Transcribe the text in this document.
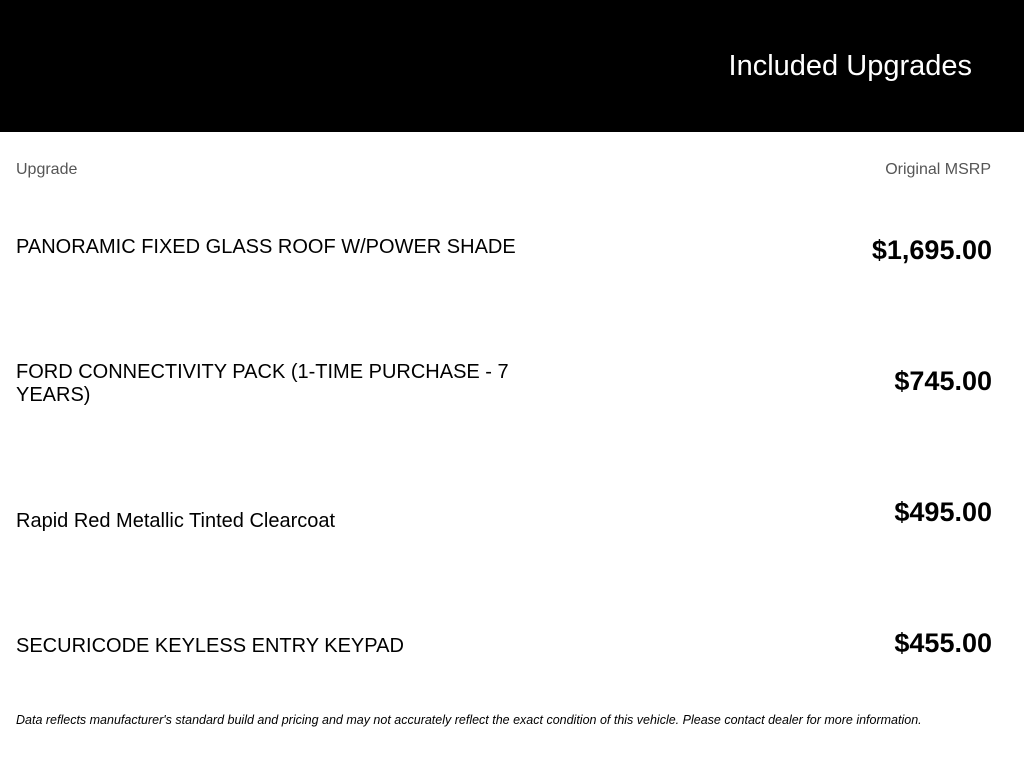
Included Upgrades
Upgrade	Original MSRP
PANORAMIC FIXED GLASS ROOF W/POWER SHADE	$1,695.00
FORD CONNECTIVITY PACK (1-TIME PURCHASE - 7 YEARS)	$745.00
Rapid Red Metallic Tinted Clearcoat	$495.00
SECURICODE KEYLESS ENTRY KEYPAD	$455.00

Data reflects manufacturer's standard build and pricing and may not accurately reflect the exact condition of this vehicle. Please contact dealer for more information.
